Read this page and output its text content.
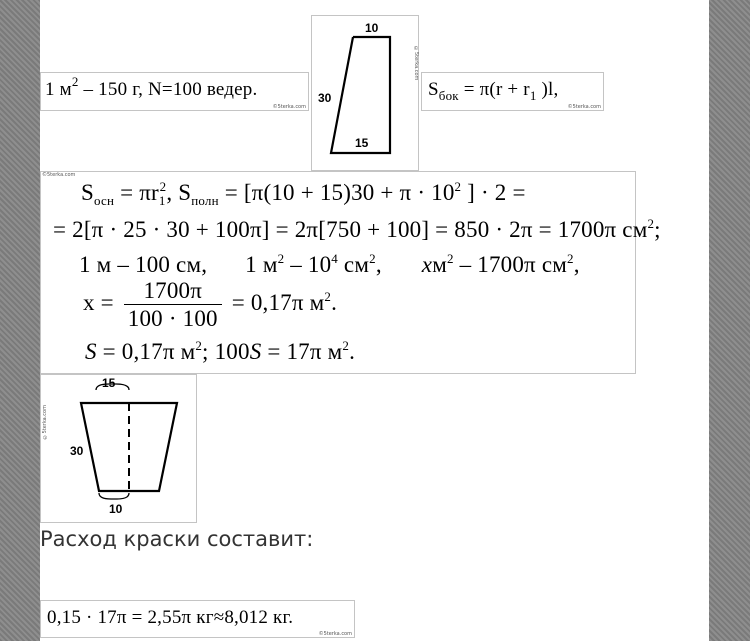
1 $м^2 - 150$ г, N=100 ведер.
©5terka.com
10
30
15
©5terka.com
$S_{бок} = \pi(r + r_1$ )l,
©5terka.com
©5terka.com
$S_{осн} = \pi r_1^2$, $S_{полн} = [\pi(10 + 15)30 + \pi \cdot 10^2$ ] · 2 =
= 2[π · 25 · 30 + 100π] = 2π[750 + 100] = 850 · 2π = 1700π $см^2$;
1 м – 100 см, 1 $м^2 - 10^4$ $см^2$, $xм^2 - 1700\pi$ $см^2$,
$x = \frac{1700\pi}{100 \cdot 100} = 0,17\pi$ $м^2$.
S = 0,17π $м^2$; 100S = 17π $м^2$.
15
30
10
©5terka.com
Расход краски составит:
0,15 · 17π = 2,55π кг≈8,012 кг.
©5terka.com
